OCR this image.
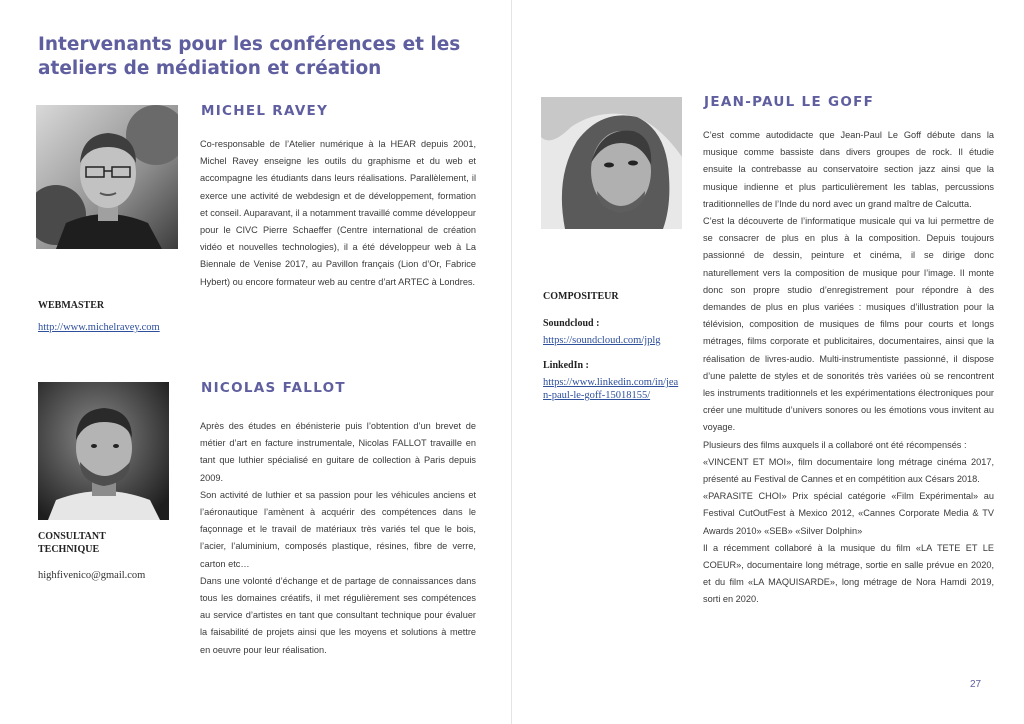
Intervenants pour les conférences et les ateliers de médiation et création
MICHEL RAVEY

Co-responsable de l’Atelier numérique à la HEAR depuis 2001, Michel Ravey enseigne les outils du graphisme et du web et accompagne les étudiants dans leurs réalisations. Parallèlement, il exerce une activité de webdesign et de développement, formation et conseil. Auparavant, il a notamment travaillé comme développeur pour le CIVC Pierre Schaeffer (Centre international de création vidéo et nouvelles technologies), il a été développeur web à La Biennale de Venise 2017, au Pavillon français (Lion d’Or, Fabrice Hybert) ou encore formateur web au centre d’art ARTEC à Londres.

WEBMASTER
http://www.michelravey.com
NICOLAS FALLOT

Après des études en ébénisterie puis l’obtention d’un brevet de métier d’art en facture instrumentale, Nicolas FALLOT travaille en tant que luthier spécialisé en guitare de collection à Paris depuis 2009.

Son activité de luthier et sa passion pour les véhicules anciens et l’aéronautique l’amènent à acquérir des compétences dans le façonnage et le travail de matériaux très variés tel que le bois, l’acier, l’aluminium, composés plastique, résines, fibre de verre, carton etc…

Dans une volonté d’échange et de partage de connaissances dans tous les domaines créatifs, il met régulièrement ses compétences au service d’artistes en tant que consultant technique pour évaluer la faisabilité de projets ainsi que les moyens et solutions à mettre en oeuvre pour leur réalisation.

CONSULTANT TECHNIQUE
highfivenico@gmail.com
JEAN-PAUL LE GOFF

C’est comme autodidacte que Jean-Paul Le Goff débute dans la musique comme bassiste dans divers groupes de rock. Il étudie ensuite la contrebasse au conservatoire section jazz ainsi que la musique indienne et plus particulièrement les tablas, percussions traditionnelles de l’Inde du nord avec un grand maître de Calcutta.

C’est la découverte de l’informatique musicale qui va lui permettre de se consacrer de plus en plus à la composition. Depuis toujours passionné de dessin, peinture et cinéma, il se dirige donc naturellement vers la composition de musique pour l’image. Il monte donc son propre studio d’enregistrement pour répondre à des demandes de plus en plus variées : musiques d’illustration pour la télévision, composition de musiques de films pour courts et longs métrages, films corporate et publicitaires, documentaires, ainsi que la réalisation de livres-audio. Multi-instrumentiste passionné, il dispose d’une palette de styles et de sonorités très variées où se rencontrent les instruments traditionnels et les expérimentations électroniques pour créer une multitude d’univers sonores ou les émotions vous invitent au voyage.

Plusieurs des films auxquels il a collaboré ont été récompensés :

«VINCENT ET MOI», film documentaire long métrage cinéma 2017, présenté au Festival de Cannes et en compétition aux Césars 2018.

«PARASITE CHOI» Prix spécial catégorie «Film Expérimental» au Festival CutOutFest à Mexico 2012, «Cannes Corporate Media & TV Awards 2010» «SEB» «Silver Dolphin»

Il a récemment collaboré à la musique du film «LA TETE ET LE COEUR», documentaire long métrage, sortie en salle prévue en 2020, et du film «LA MAQUISARDE», long métrage de Nora Hamdi 2019, sorti en 2020.

COMPOSITEUR
Soundcloud :
https://soundcloud.com/jplg
LinkedIn :
https://www.linkedin.com/in/jean-paul-le-goff-15018155/
27
